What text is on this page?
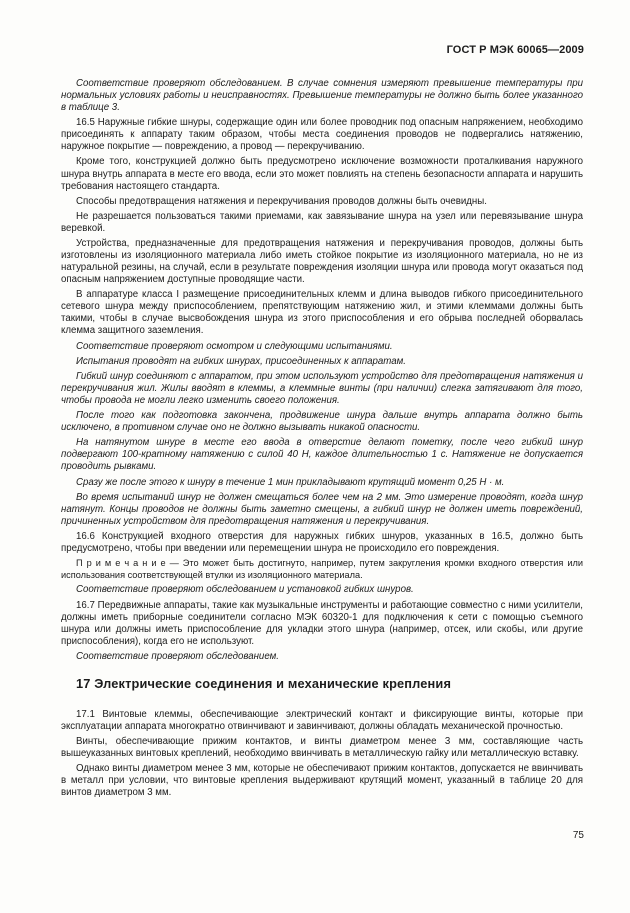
ГОСТ Р МЭК 60065—2009

Соответствие проверяют обследованием. В случае сомнения измеряют превышение температуры при нормальных условиях работы и неисправностях. Превышение температуры не должно быть более указанного в таблице 3.

16.5 Наружные гибкие шнуры, содержащие один или более проводник под опасным напряжением, необходимо присоединять к аппарату таким образом, чтобы места соединения проводов не подвергались натяжению, наружное покрытие — повреждению, а провод — перекручиванию.

Кроме того, конструкцией должно быть предусмотрено исключение возможности проталкивания наружного шнура внутрь аппарата в месте его ввода, если это может повлиять на степень безопасности аппарата и нарушить требования настоящего стандарта.

Способы предотвращения натяжения и перекручивания проводов должны быть очевидны.

Не разрешается пользоваться такими приемами, как завязывание шнура на узел или перевязывание шнура веревкой.

Устройства, предназначенные для предотвращения натяжения и перекручивания проводов, должны быть изготовлены из изоляционного материала либо иметь стойкое покрытие из изоляционного материала, но не из натуральной резины, на случай, если в результате повреждения изоляции шнура или провода могут оказаться под опасным напряжением доступные проводящие части.

В аппаратуре класса I размещение присоединительных клемм и длина выводов гибкого присоединительного сетевого шнура между приспособлением, препятствующим натяжению жил, и этими клеммами должны быть такими, чтобы в случае высвобождения шнура из этого приспособления и его обрыва последней оборвалась клемма защитного заземления.

Соответствие проверяют осмотром и следующими испытаниями.

Испытания проводят на гибких шнурах, присоединенных к аппаратам.

Гибкий шнур соединяют с аппаратом, при этом используют устройство для предотвращения натяжения и перекручивания жил. Жилы вводят в клеммы, а клеммные винты (при наличии) слегка затягивают для того, чтобы провода не могли легко изменить своего положения.

После того как подготовка закончена, продвижение шнура дальше внутрь аппарата должно быть исключено, в противном случае оно не должно вызывать никакой опасности.

На натянутом шнуре в месте его ввода в отверстие делают пометку, после чего гибкий шнур подвергают 100-кратному натяжению с силой 40 Н, каждое длительностью 1 с. Натяжение не допускается проводить рывками.

Сразу же после этого к шнуру в течение 1 мин прикладывают крутящий момент 0,25 Н · м.

Во время испытаний шнур не должен смещаться более чем на 2 мм. Это измерение проводят, когда шнур натянут. Концы проводов не должны быть заметно смещены, а гибкий шнур не должен иметь повреждений, причиненных устройством для предотвращения натяжения и перекручивания.

16.6 Конструкцией входного отверстия для наружных гибких шнуров, указанных в 16.5, должно быть предусмотрено, чтобы при введении или перемещении шнура не происходило его повреждения.

П р и м е ч а н и е — Это может быть достигнуто, например, путем закругления кромки входного отверстия или использования соответствующей втулки из изоляционного материала.

Соответствие проверяют обследованием и установкой гибких шнуров.

16.7 Передвижные аппараты, такие как музыкальные инструменты и работающие совместно с ними усилители, должны иметь приборные соединители согласно МЭК 60320-1 для подключения к сети с помощью съемного шнура или должны иметь приспособление для укладки этого шнура (например, отсек, или скобы, или другие приспособления), когда его не используют.

Соответствие проверяют обследованием.

17 Электрические соединения и механические крепления

17.1 Винтовые клеммы, обеспечивающие электрический контакт и фиксирующие винты, которые при эксплуатации аппарата многократно отвинчивают и завинчивают, должны обладать механической прочностью.

Винты, обеспечивающие прижим контактов, и винты диаметром менее 3 мм, составляющие часть вышеуказанных винтовых креплений, необходимо ввинчивать в металлическую гайку или металлическую вставку.

Однако винты диаметром менее 3 мм, которые не обеспечивают прижим контактов, допускается не ввинчивать в металл при условии, что винтовые крепления выдерживают крутящий момент, указанный в таблице 20 для винтов диаметром 3 мм.

75
